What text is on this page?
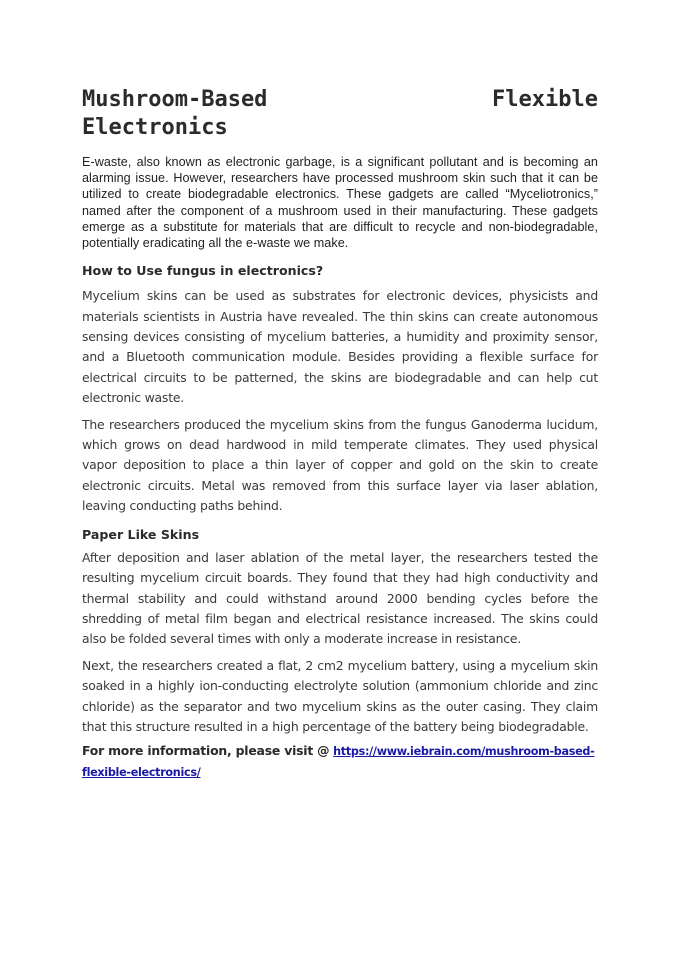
Mushroom-Based	Flexible
Electronics

E-waste, also known as electronic garbage, is a significant pollutant and is becoming an alarming issue. However, researchers have processed mushroom skin such that it can be utilized to create biodegradable electronics. These gadgets are called “Myceliotronics,” named after the component of a mushroom used in their manufacturing. These gadgets emerge as a substitute for materials that are difficult to recycle and non-biodegradable, potentially eradicating all the e-waste we make.

How to Use fungus in electronics?

Mycelium skins can be used as substrates for electronic devices, physicists and materials scientists in Austria have revealed. The thin skins can create autonomous sensing devices consisting of mycelium batteries, a humidity and proximity sensor, and a Bluetooth communication module. Besides providing a flexible surface for electrical circuits to be patterned, the skins are biodegradable and can help cut electronic waste.

The researchers produced the mycelium skins from the fungus Ganoderma lucidum, which grows on dead hardwood in mild temperate climates. They used physical vapor deposition to place a thin layer of copper and gold on the skin to create electronic circuits. Metal was removed from this surface layer via laser ablation, leaving conducting paths behind.

Paper Like Skins

After deposition and laser ablation of the metal layer, the researchers tested the resulting mycelium circuit boards. They found that they had high conductivity and thermal stability and could withstand around 2000 bending cycles before the shredding of metal film began and electrical resistance increased. The skins could also be folded several times with only a moderate increase in resistance.

Next, the researchers created a flat, 2 cm2 mycelium battery, using a mycelium skin soaked in a highly ion-conducting electrolyte solution (ammonium chloride and zinc chloride) as the separator and two mycelium skins as the outer casing. They claim that this structure resulted in a high percentage of the battery being biodegradable.

For more information, please visit @ https://www.iebrain.com/mushroom-based-flexible-electronics/
